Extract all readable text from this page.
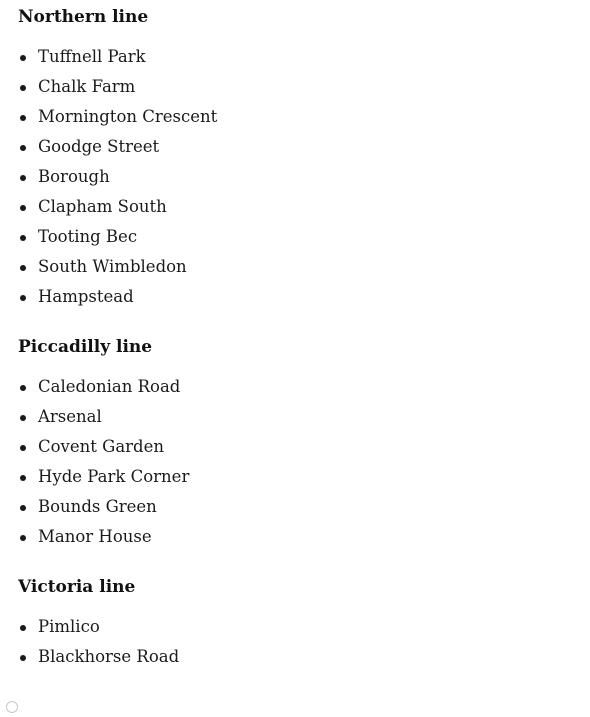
Northern line
Tuffnell Park
Chalk Farm
Mornington Crescent
Goodge Street
Borough
Clapham South
Tooting Bec
South Wimbledon
Hampstead
Piccadilly line
Caledonian Road
Arsenal
Covent Garden
Hyde Park Corner
Bounds Green
Manor House
Victoria line
Pimlico
Blackhorse Road
